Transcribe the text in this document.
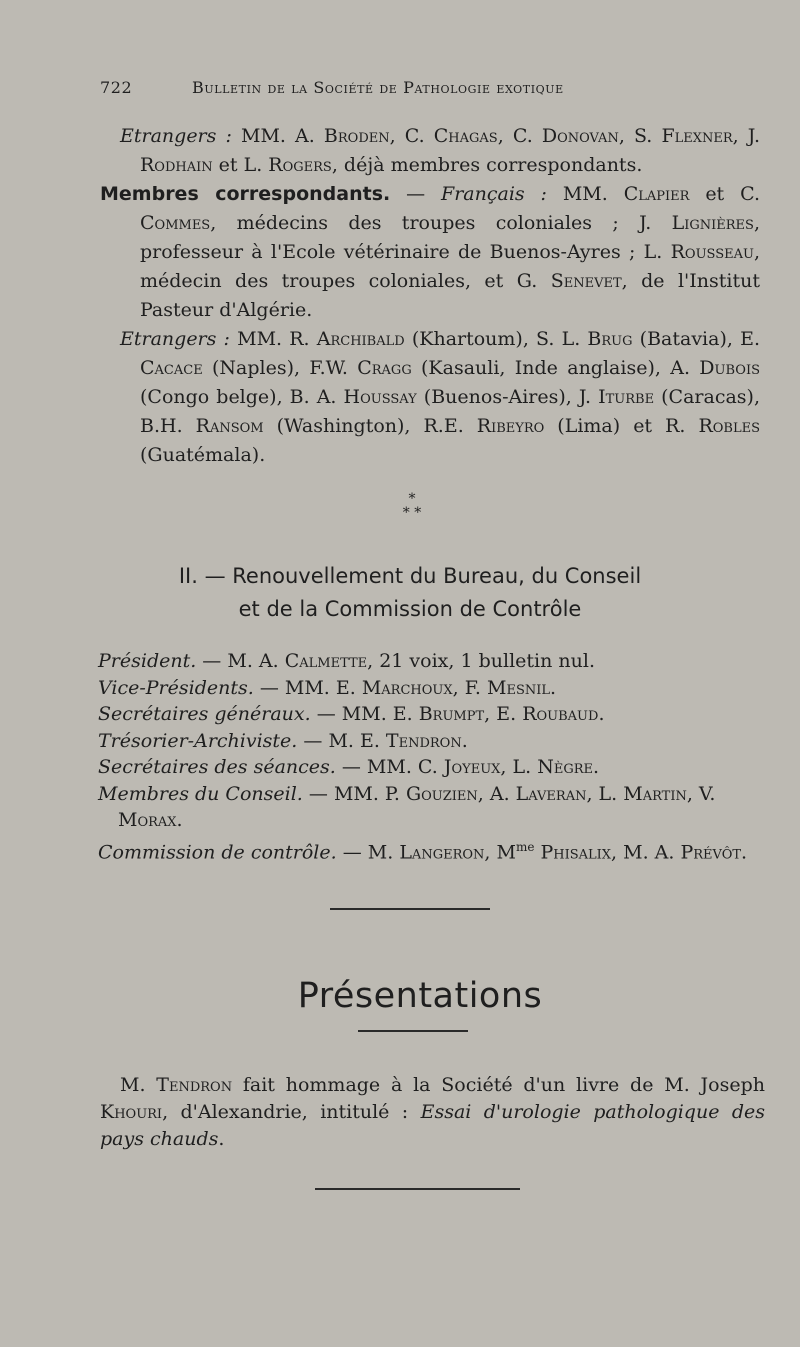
722	Bulletin de la Société de Pathologie exotique

Etrangers : MM. A. Broden, C. Chagas, C. Donovan, S. Flexner, J. Rodhain et L. Rogers, déjà membres correspondants.

Membres correspondants. — Français : MM. Clapier et C. Commes, médecins des troupes coloniales ; J. Lignières, professeur à l'Ecole vétérinaire de Buenos-Ayres ; L. Rousseau, médecin des troupes coloniales, et G. Senevet, de l'Institut Pasteur d'Algérie.

Etrangers : MM. R. Archibald (Khartoum), S. L. Brug (Batavia), E. Cacace (Naples), F.W. Cragg (Kasauli, Inde anglaise), A. Dubois (Congo belge), B. A. Houssay (Buenos-Aires), J. Iturbe (Caracas), B.H. Ransom (Washington), R.E. Ribeyro (Lima) et R. Robles (Guatémala).

*
* *
II. — Renouvellement du Bureau, du Conseil
et de la Commission de Contrôle

Président. — M. A. Calmette, 21 voix, 1 bulletin nul.

Vice-Présidents. — MM. E. Marchoux, F. Mesnil.

Secrétaires généraux. — MM. E. Brumpt, E. Roubaud.

Trésorier-Archiviste. — M. E. Tendron.

Secrétaires des séances. — MM. C. Joyeux, L. Nègre.

Membres du Conseil. — MM. P. Gouzien, A. Laveran, L. Martin, V. Morax.

Commission de contrôle. — M. Langeron, $M^{me}$ Phisalix, M. A. Prévôt.

Présentations

M. Tendron fait hommage à la Société d'un livre de M. Joseph Khouri, d'Alexandrie, intitulé : Essai d'urologie pathologique des pays chauds.
